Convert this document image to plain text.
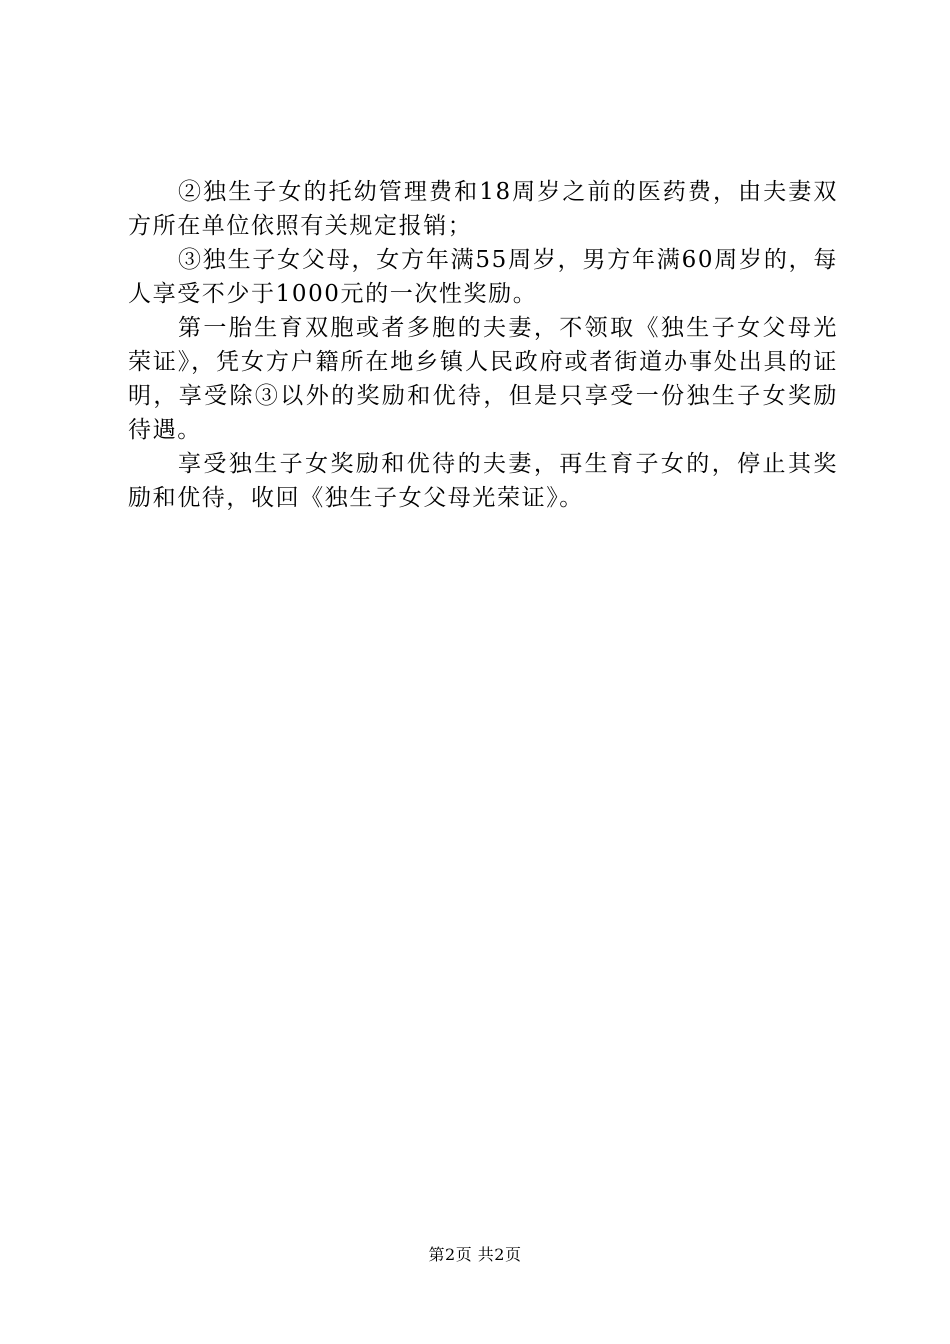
②独生子女的托幼管理费和18周岁之前的医药费，由夫妻双方所在单位依照有关规定报销；

③独生子女父母，女方年满55周岁，男方年满60周岁的，每人享受不少于1000元的一次性奖励。

第一胎生育双胞或者多胞的夫妻，不领取《独生子女父母光荣证》，凭女方户籍所在地乡镇人民政府或者街道办事处出具的证明，享受除③以外的奖励和优待，但是只享受一份独生子女奖励待遇。

享受独生子女奖励和优待的夫妻，再生育子女的，停止其奖励和优待，收回《独生子女父母光荣证》。

第2页 共2页
